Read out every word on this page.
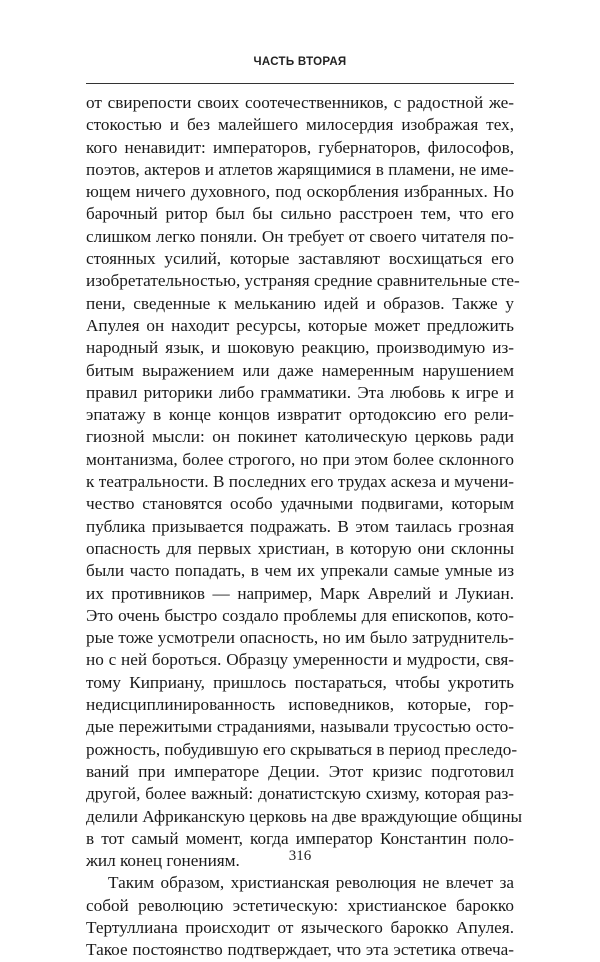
ЧАСТЬ ВТОРАЯ
от свирепости своих соотечественников, с радостной же-
стокостью и без малейшего милосердия изображая тех,
кого ненавидит: императоров, губернаторов, философов,
поэтов, актеров и атлетов жарящимися в пламени, не име-
ющем ничего духовного, под оскорбления избранных. Но
барочный ритор был бы сильно расстроен тем, что его
слишком легко поняли. Он требует от своего читателя по-
стоянных усилий, которые заставляют восхищаться его
изобретательностью, устраняя средние сравнительные сте-
пени, сведенные к мельканию идей и образов. Также у
Апулея он находит ресурсы, которые может предложить
народный язык, и шоковую реакцию, производимую из-
битым выражением или даже намеренным нарушением
правил риторики либо грамматики. Эта любовь к игре и
эпатажу в конце концов извратит ортодоксию его рели-
гиозной мысли: он покинет католическую церковь ради
монтанизма, более строгого, но при этом более склонного
к театральности. В последних его трудах аскеза и мучени-
чество становятся особо удачными подвигами, которым
публика призывается подражать. В этом таилась грозная
опасность для первых христиан, в которую они склонны
были часто попадать, в чем их упрекали самые умные из
их противников — например, Марк Аврелий и Лукиан.
Это очень быстро создало проблемы для епископов, кото-
рые тоже усмотрели опасность, но им было затруднитель-
но с ней бороться. Образцу умеренности и мудрости, свя-
тому Киприану, пришлось постараться, чтобы укротить
недисциплинированность исповедников, которые, гор-
дые пережитыми страданиями, называли трусостью осто-
рожность, побудившую его скрываться в период преследо-
ваний при императоре Деции. Этот кризис подготовил
другой, более важный: донатистскую схизму, которая раз-
делили Африканскую церковь на две враждующие общины
в тот самый момент, когда император Константин поло-
жил конец гонениям.
Таким образом, христианская революция не влечет за
собой революцию эстетическую: христианское барокко
Тертуллиана происходит от языческого барокко Апулея.
Такое постоянство подтверждает, что эта эстетика отвеча-
316
